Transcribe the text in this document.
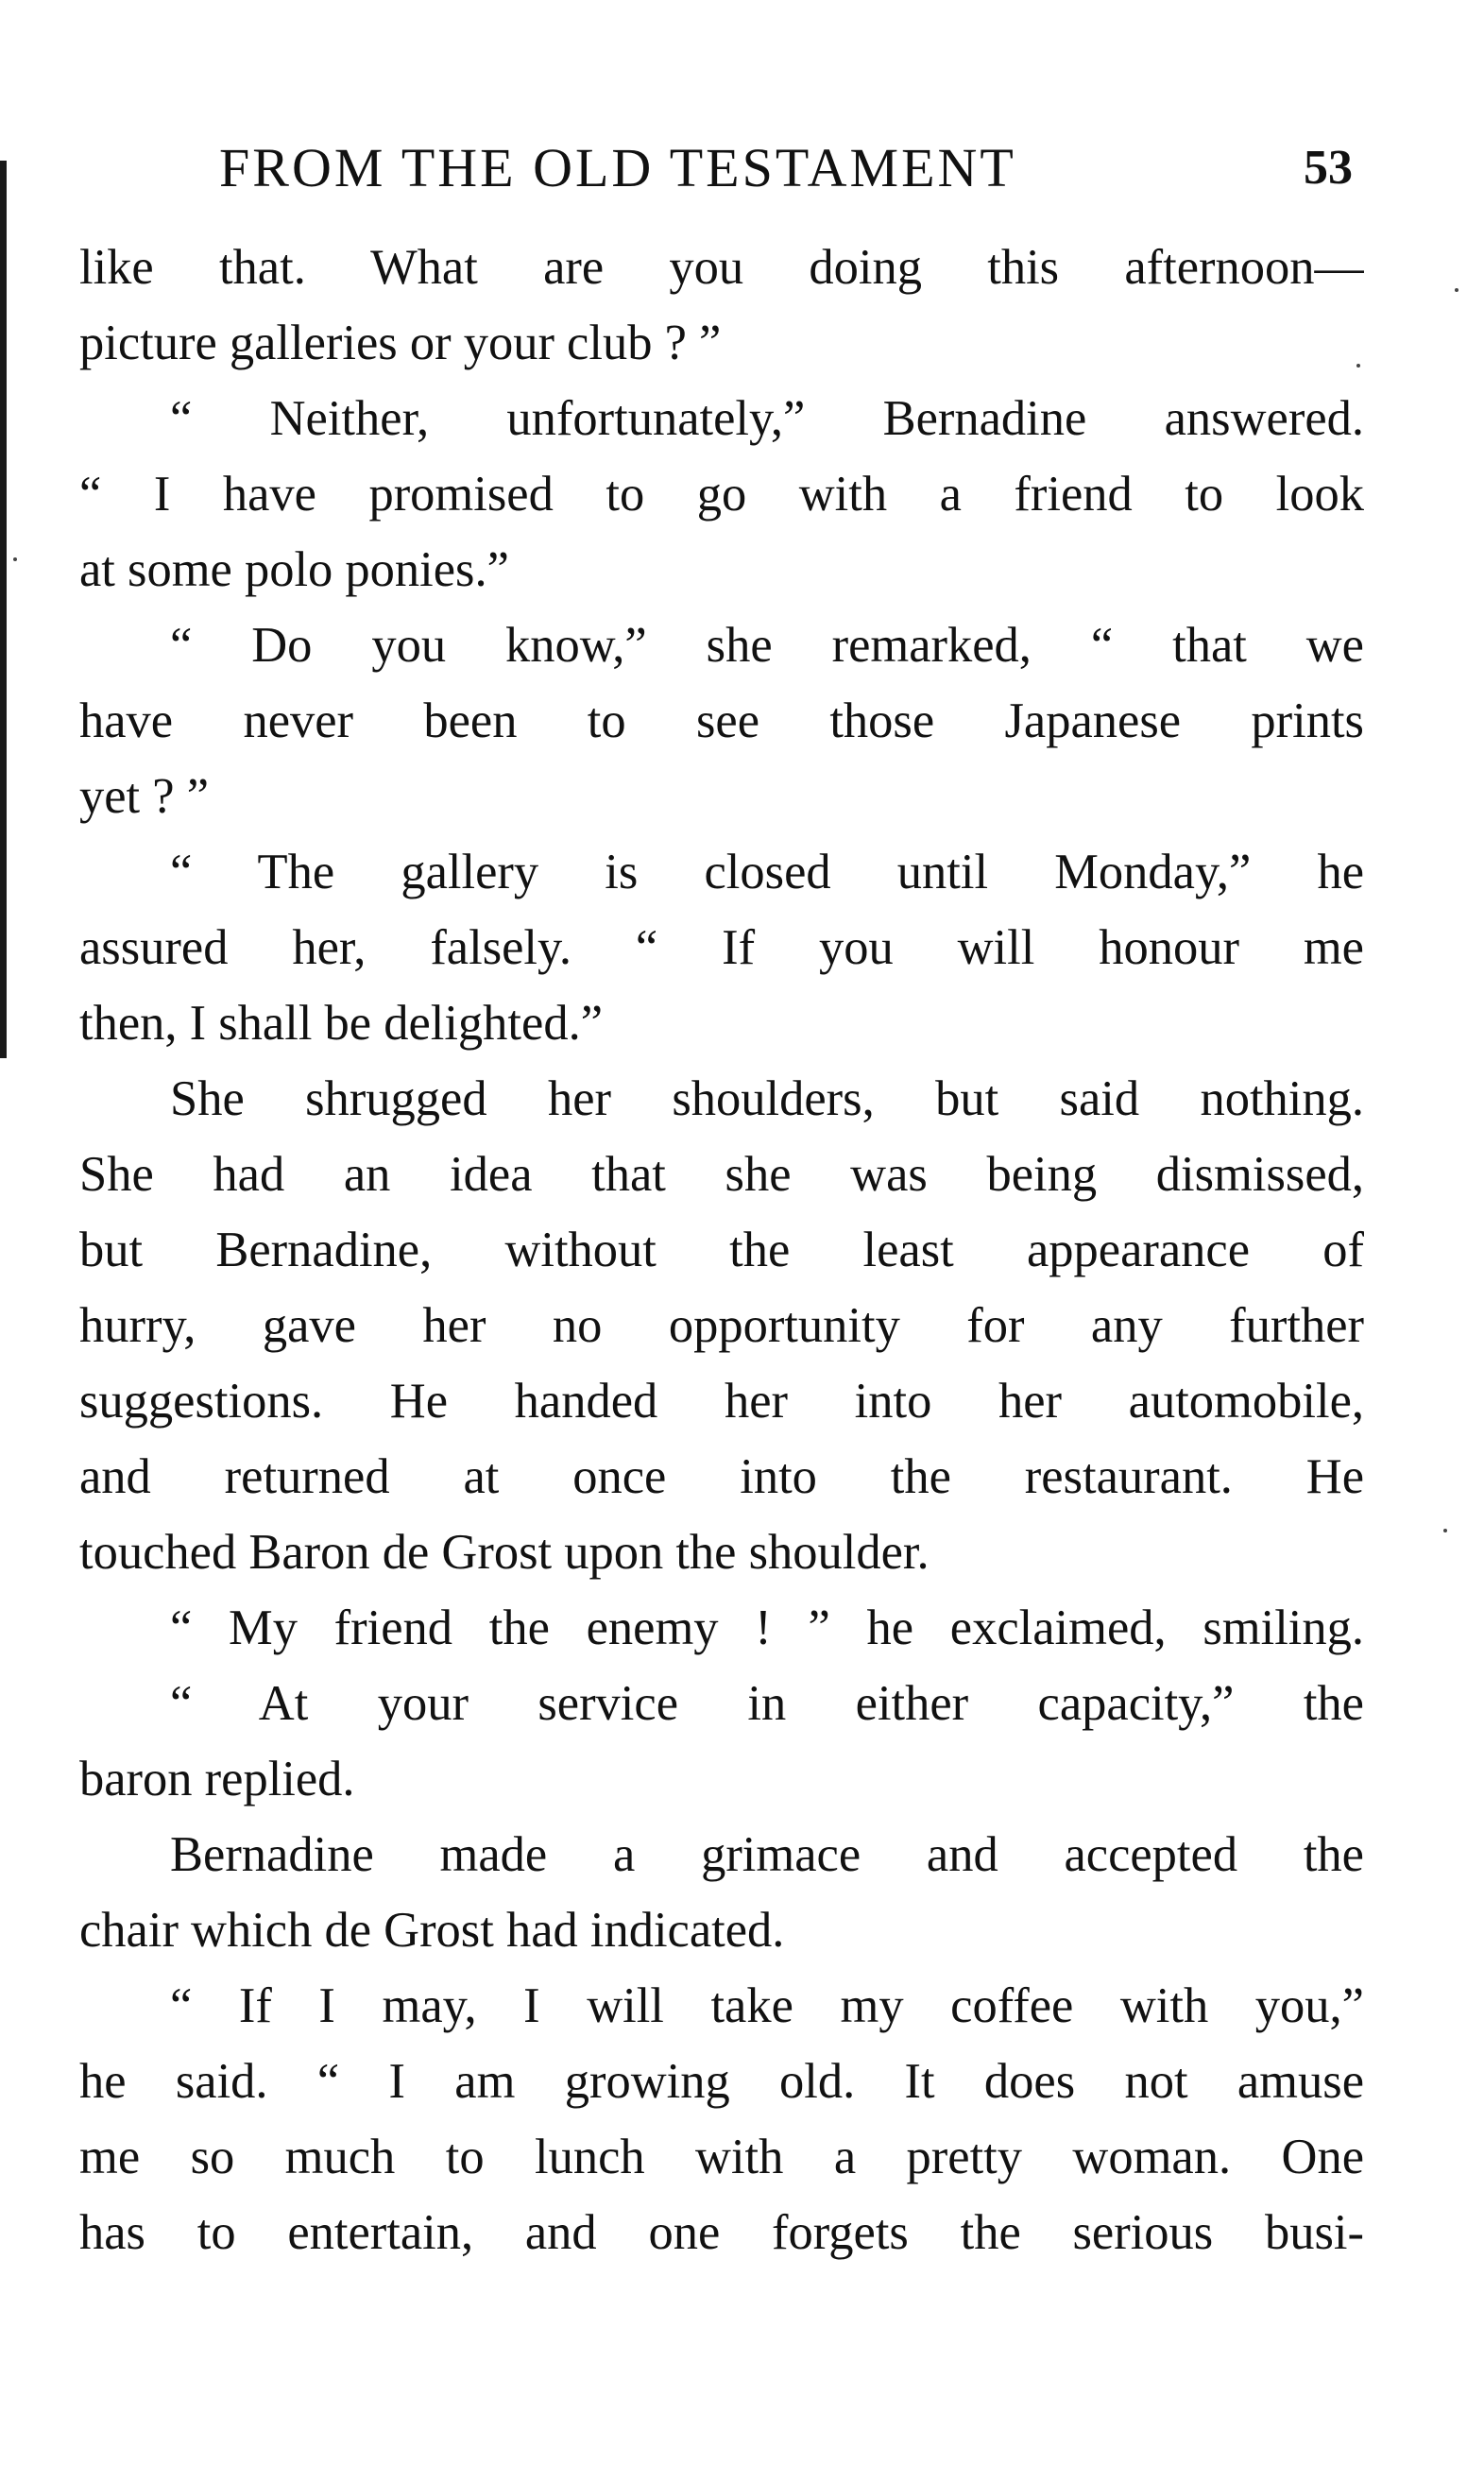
FROM THE OLD TESTAMENT	53
like that. What are you doing this afternoon—
picture galleries or your club ? ”
“ Neither, unfortunately,” Bernadine answered.
“ I have promised to go with a friend to look
at some polo ponies.”
“ Do you know,” she remarked, “ that we
have never been to see those Japanese prints
yet ? ”
“ The gallery is closed until Monday,” he
assured her, falsely. “ If you will honour me
then, I shall be delighted.”
She shrugged her shoulders, but said nothing.
She had an idea that she was being dismissed,
but Bernadine, without the least appearance of
hurry, gave her no opportunity for any further
suggestions. He handed her into her automobile,
and returned at once into the restaurant. He
touched Baron de Grost upon the shoulder.
“ My friend the enemy ! ” he exclaimed, smiling.
“ At your service in either capacity,” the
baron replied.
Bernadine made a grimace and accepted the
chair which de Grost had indicated.
“ If I may, I will take my coffee with you,”
he said. “ I am growing old. It does not amuse
me so much to lunch with a pretty woman. One
has to entertain, and one forgets the serious busi-
